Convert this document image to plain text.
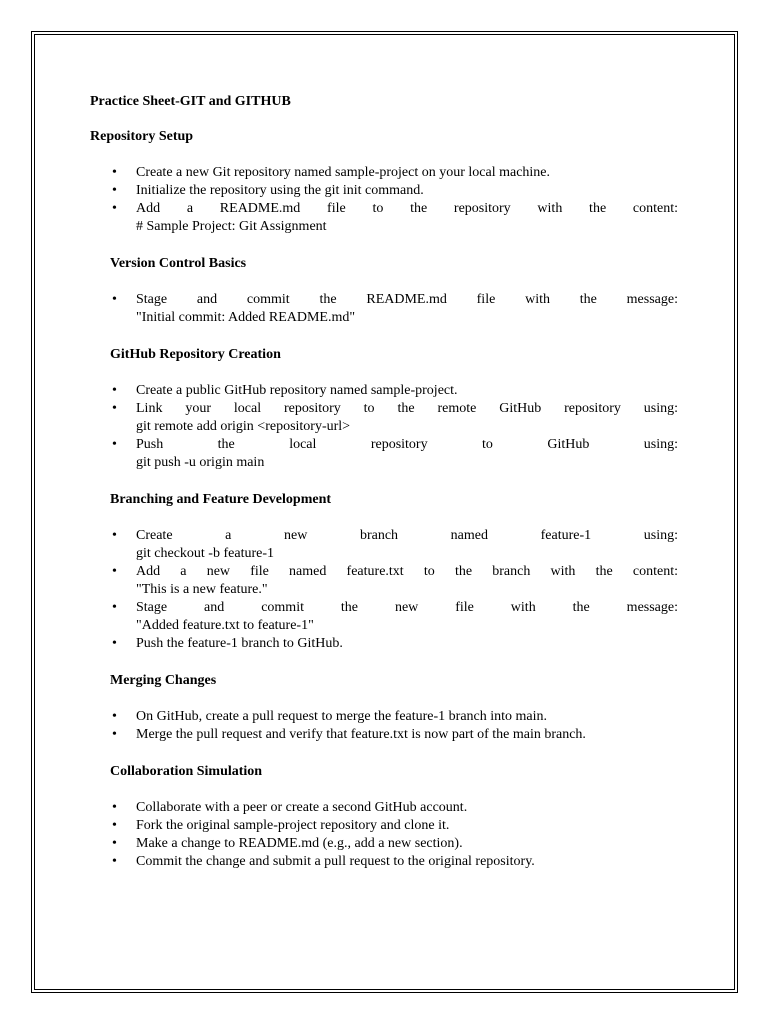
Practice Sheet-GIT and GITHUB
Repository Setup
• Create a new Git repository named sample-project on your local machine.
• Initialize the repository using the git init command.
• Add a README.md file to the repository with the content:
# Sample Project: Git Assignment
Version Control Basics
• Stage and commit the README.md file with the message:
"Initial commit: Added README.md"
GitHub Repository Creation
• Create a public GitHub repository named sample-project.
• Link your local repository to the remote GitHub repository using:
git remote add origin <repository-url>
• Push the local repository to GitHub using:
git push -u origin main
Branching and Feature Development
• Create a new branch named feature-1 using:
git checkout -b feature-1
• Add a new file named feature.txt to the branch with the content:
"This is a new feature."
• Stage and commit the new file with the message:
"Added feature.txt to feature-1"
• Push the feature-1 branch to GitHub.
Merging Changes
• On GitHub, create a pull request to merge the feature-1 branch into main.
• Merge the pull request and verify that feature.txt is now part of the main branch.
Collaboration Simulation
• Collaborate with a peer or create a second GitHub account.
• Fork the original sample-project repository and clone it.
• Make a change to README.md (e.g., add a new section).
• Commit the change and submit a pull request to the original repository.
